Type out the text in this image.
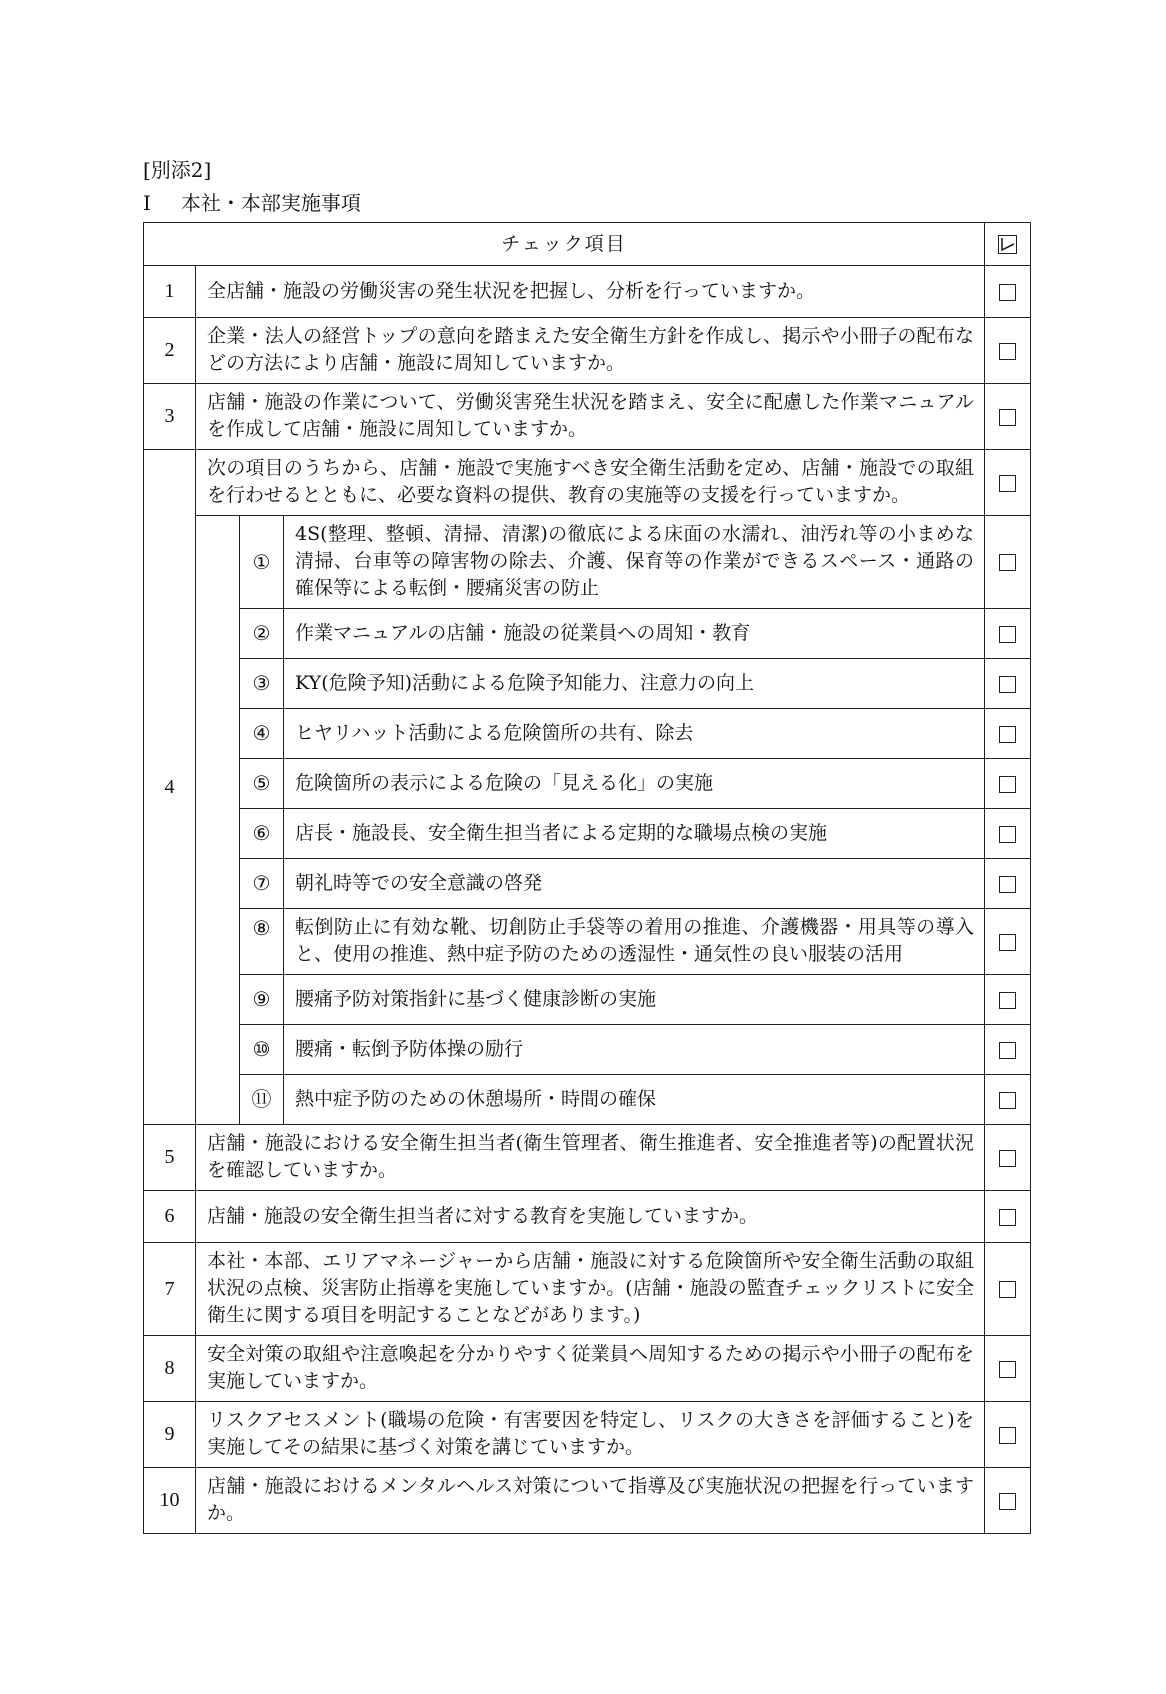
[別添2]
Ⅰ 本社・本部実施事項
チェック項目	

1	全店舗・施設の労働災害の発生状況を把握し、分析を行っていますか。			
2	企業・法人の経営トップの意向を踏まえた安全衛生方針を作成し、掲示や小冊子の配布などの方法により店舗・施設に周知していますか。			
3	店舗・施設の作業について、労働災害発生状況を踏まえ、安全に配慮した作業マニュアルを作成して店舗・施設に周知していますか。			
4	次の項目のうちから、店舗・施設で実施すべき安全衛生活動を定め、店舗・施設での取組を行わせるとともに、必要な資料の提供、教育の実施等の支援を行っていますか。			
		①	4S(整理、整頓、清掃、清潔)の徹底による床面の水濡れ、油汚れ等の小まめな清掃、台車等の障害物の除去、介護、保育等の作業ができるスペース・通路の確保等による転倒・腰痛災害の防止	
		②	作業マニュアルの店舗・施設の従業員への周知・教育	
		③	KY(危険予知)活動による危険予知能力、注意力の向上	
		④	ヒヤリハット活動による危険箇所の共有、除去	
		⑤	危険箇所の表示による危険の「見える化」の実施	
		⑥	店長・施設長、安全衛生担当者による定期的な職場点検の実施	
		⑦	朝礼時等での安全意識の啓発	
		⑧	転倒防止に有効な靴、切創防止手袋等の着用の推進、介護機器・用具等の導入と、使用の推進、熱中症予防のための透湿性・通気性の良い服装の活用	
		⑨	腰痛予防対策指針に基づく健康診断の実施	
		⑩	腰痛・転倒予防体操の励行	
		⑪	熱中症予防のための休憩場所・時間の確保	
5	店舗・施設における安全衛生担当者(衛生管理者、衛生推進者、安全推進者等)の配置状況を確認していますか。			
6	店舗・施設の安全衛生担当者に対する教育を実施していますか。			
7	本社・本部、エリアマネージャーから店舗・施設に対する危険箇所や安全衛生活動の取組状況の点検、災害防止指導を実施していますか。(店舗・施設の監査チェックリストに安全衛生に関する項目を明記することなどがあります。)			
8	安全対策の取組や注意喚起を分かりやすく従業員へ周知するための掲示や小冊子の配布を実施していますか。			
9	リスクアセスメント(職場の危険・有害要因を特定し、リスクの大きさを評価すること)を実施してその結果に基づく対策を講じていますか。			
10	店舗・施設におけるメンタルヘルス対策について指導及び実施状況の把握を行っていますか。			
